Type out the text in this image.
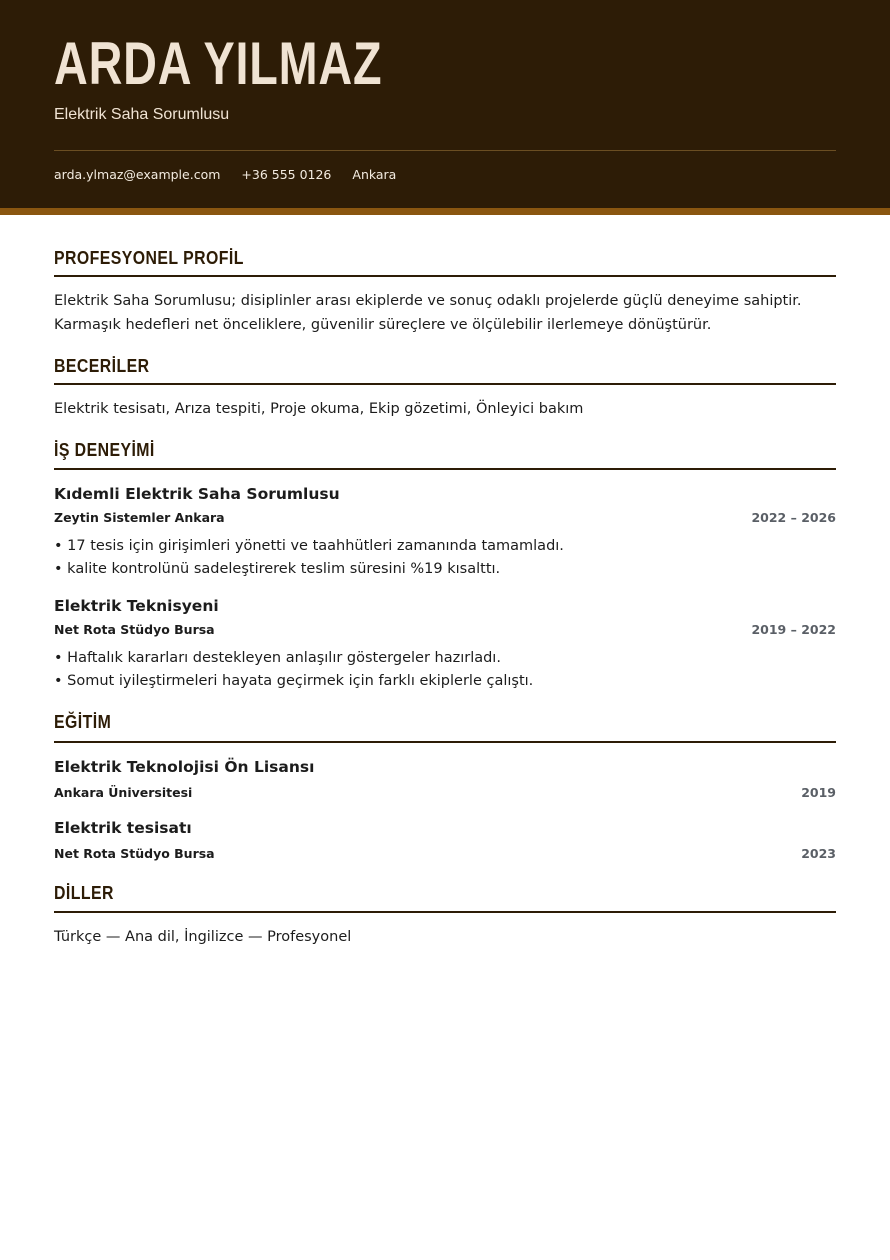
ARDA YILMAZ
Elektrik Saha Sorumlusu
arda.ylmaz@example.com +36 555 0126 Ankara
PROFESYONEL PROFİL

Elektrik Saha Sorumlusu; disiplinler arası ekiplerde ve sonuç odaklı projelerde güçlü deneyime sahiptir. Karmaşık hedefleri net önceliklere, güvenilir süreçlere ve ölçülebilir ilerlemeye dönüştürür.

BECERİLER

Elektrik tesisatı, Arıza tespiti, Proje okuma, Ekip gözetimi, Önleyici bakım

İŞ DENEYİMİ
Kıdemli Elektrik Saha Sorumlusu
Zeytin Sistemler Ankara	2022 – 2026
• 17 tesis için girişimleri yönetti ve taahhütleri zamanında tamamladı.
• kalite kontrolünü sadeleştirerek teslim süresini %19 kısalttı.
Elektrik Teknisyeni
Net Rota Stüdyo Bursa	2019 – 2022
• Haftalık kararları destekleyen anlaşılır göstergeler hazırladı.
• Somut iyileştirmeleri hayata geçirmek için farklı ekiplerle çalıştı.
EĞİTİM
Elektrik Teknolojisi Ön Lisansı
Ankara Üniversitesi	2019
Elektrik tesisatı
Net Rota Stüdyo Bursa	2023
DİLLER

Türkçe — Ana dil, İngilizce — Profesyonel
